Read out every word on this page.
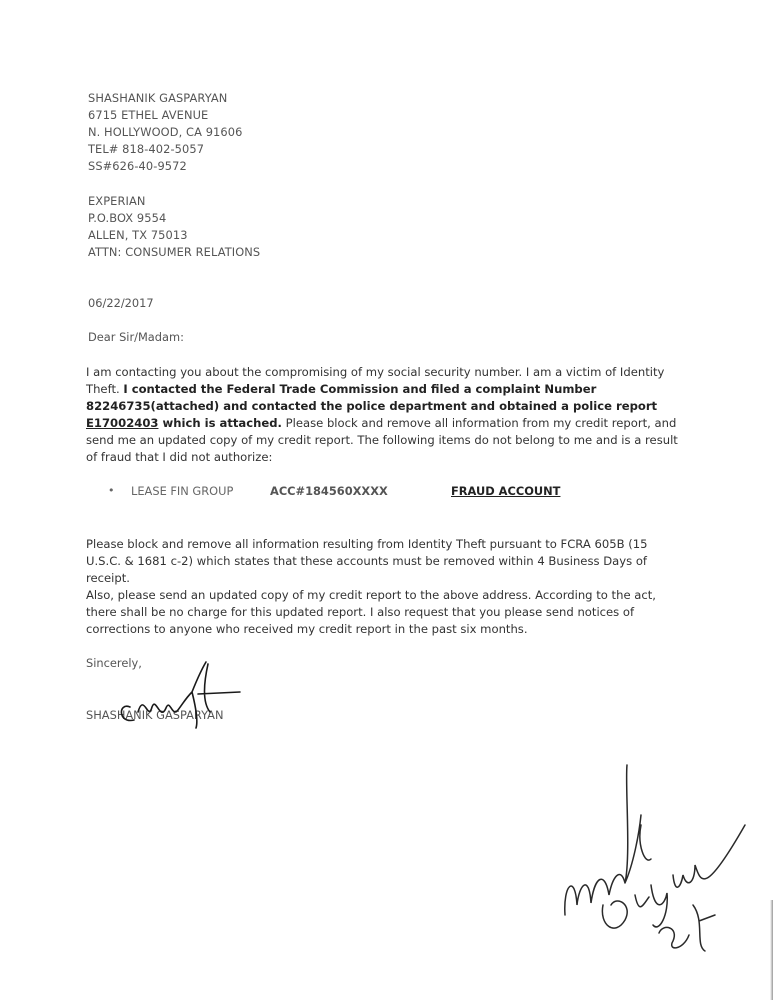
SHASHANIK GASPARYAN
6715 ETHEL AVENUE
N. HOLLYWOOD, CA 91606
TEL# 818-402-5057
SS#626-40-9572
EXPERIAN
P.O.BOX 9554
ALLEN, TX 75013
ATTN: CONSUMER RELATIONS
06/22/2017
Dear Sir/Madam:
I am contacting you about the compromising of my social security number. I am a victim of Identity Theft. I contacted the Federal Trade Commission and filed a complaint Number 82246735(attached) and contacted the police department and obtained a police report E17002403 which is attached. Please block and remove all information from my credit report, and send me an updated copy of my credit report. The following items do not belong to me and is a result of fraud that I did not authorize:
• LEASE FIN GROUP	ACC#184560XXXX	FRAUD ACCOUNT
Please block and remove all information resulting from Identity Theft pursuant to FCRA 605B (15 U.S.C. & 1681 c-2) which states that these accounts must be removed within 4 Business Days of receipt.
Also, please send an updated copy of my credit report to the above address. According to the act, there shall be no charge for this updated report. I also request that you please send notices of corrections to anyone who received my credit report in the past six months.
Sincerely,
SHASHANIK GASPARYAN
